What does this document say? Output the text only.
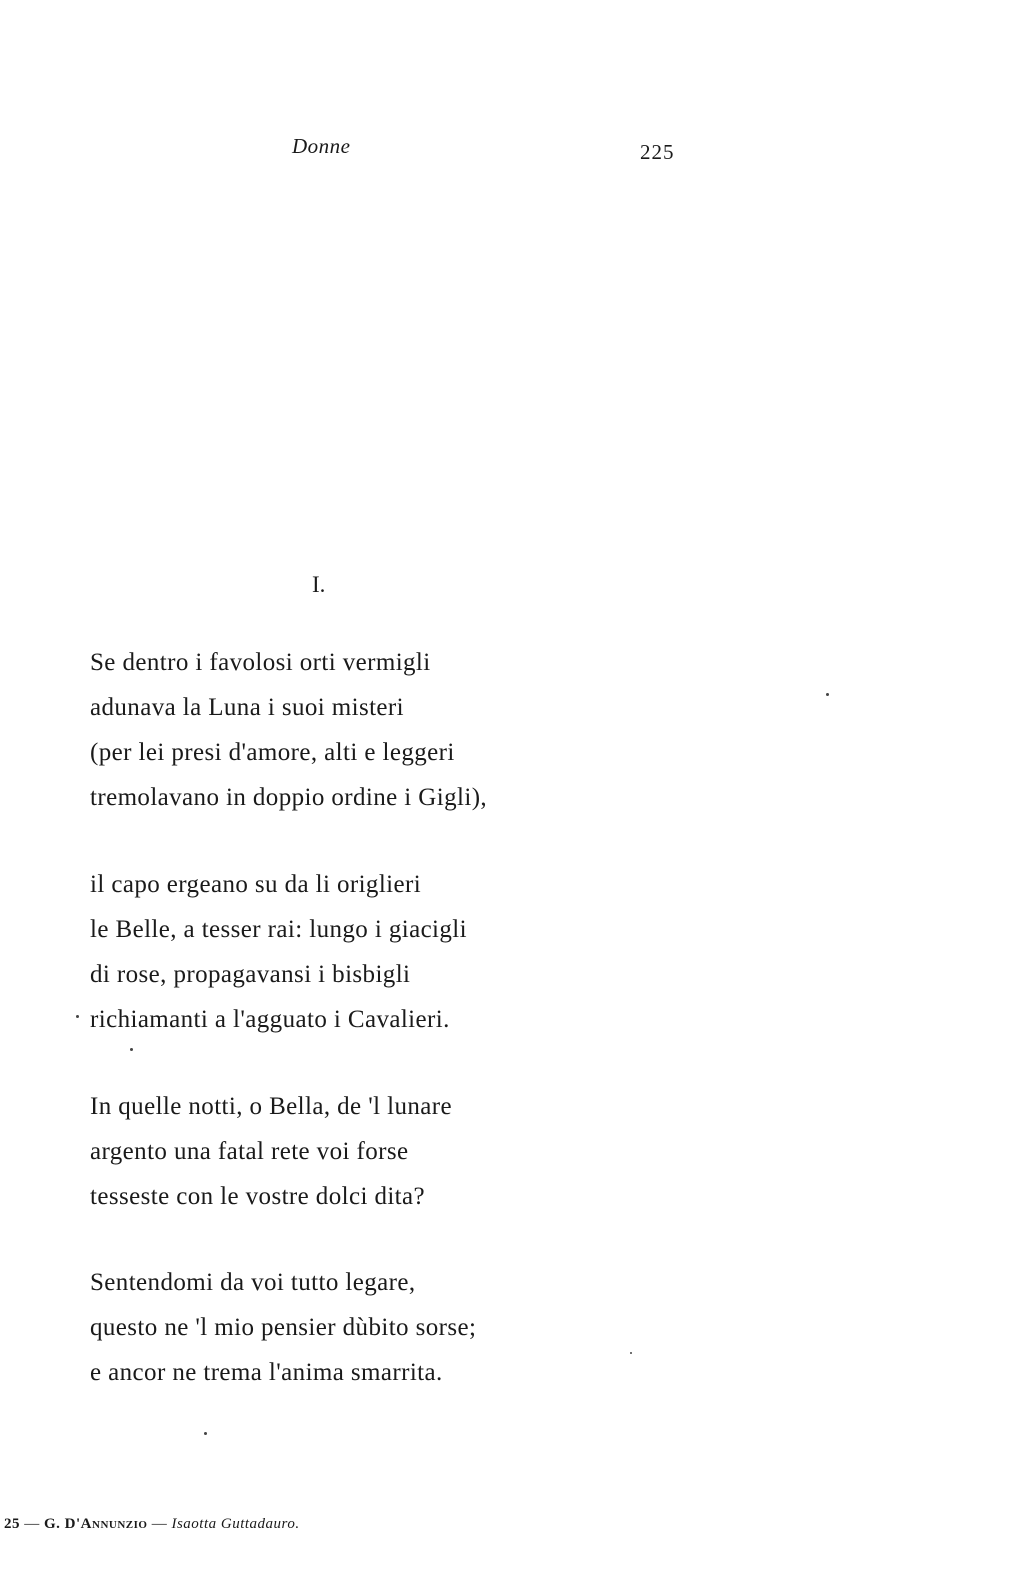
Donne	225
I.
Se dentro i favolosi orti vermigli
adunava la Luna i suoi misteri
(per lei presi d'amore, alti e leggeri
tremolavano in doppio ordine i Gigli),
il capo ergeano su da li origlieri
le Belle, a tesser rai: lungo i giacigli
di rose, propagavansi i bisbigli
richiamanti a l'agguato i Cavalieri.
In quelle notti, o Bella, de 'l lunare
argento una fatal rete voi forse
tesseste con le vostre dolci dita?
Sentendomi da voi tutto legare,
questo ne 'l mio pensier dùbito sorse;
e ancor ne trema l'anima smarrita.
25 — G. D'Annunzio — Isaotta Guttadauro.
